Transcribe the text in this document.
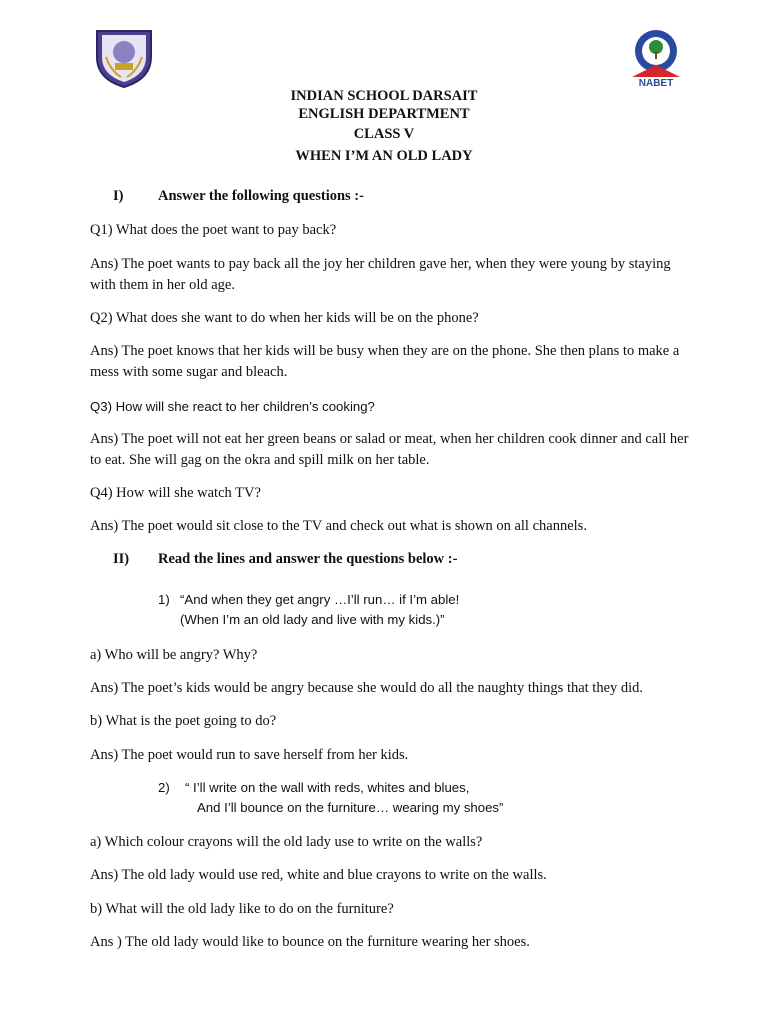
NABET
INDIAN SCHOOL DARSAIT
ENGLISH DEPARTMENT
CLASS V
WHEN I’M AN OLD LADY
I) Answer the following questions :-
Q1) What does the poet want to pay back?
Ans) The poet wants to pay back all the joy her children gave her, when they were young by staying with them in her old age.
Q2) What does she want to do when her kids will be on the phone?
Ans) The poet knows that her kids will be busy when they are on the phone. She then plans to make a mess with some sugar and bleach.
Q3) How will she react to her children’s cooking?
Ans) The poet will not eat her green beans or salad or meat, when her children cook dinner and call her to eat. She will gag on the okra and spill milk on her table.
Q4) How will she watch TV?
Ans) The poet would sit close to the TV and check out what is shown on all channels.
II) Read the lines and answer the questions below :-
1) “And when they get angry …I’ll run… if I’m able!
(When I’m an old lady and live with my kids.)”
a) Who will be angry? Why?
Ans) The poet’s kids would be angry because she would do all the naughty things that they did.
b) What is the poet going to do?
Ans) The poet would run to save herself from her kids.
2) “ I’ll write on the wall with reds, whites and blues,
And I’ll bounce on the furniture… wearing my shoes”
a) Which colour crayons will the old lady use to write on the walls?
Ans) The old lady would use red, white and blue crayons to write on the walls.
b) What will the old lady like to do on the furniture?
Ans ) The old lady would like to bounce on the furniture wearing her shoes.
